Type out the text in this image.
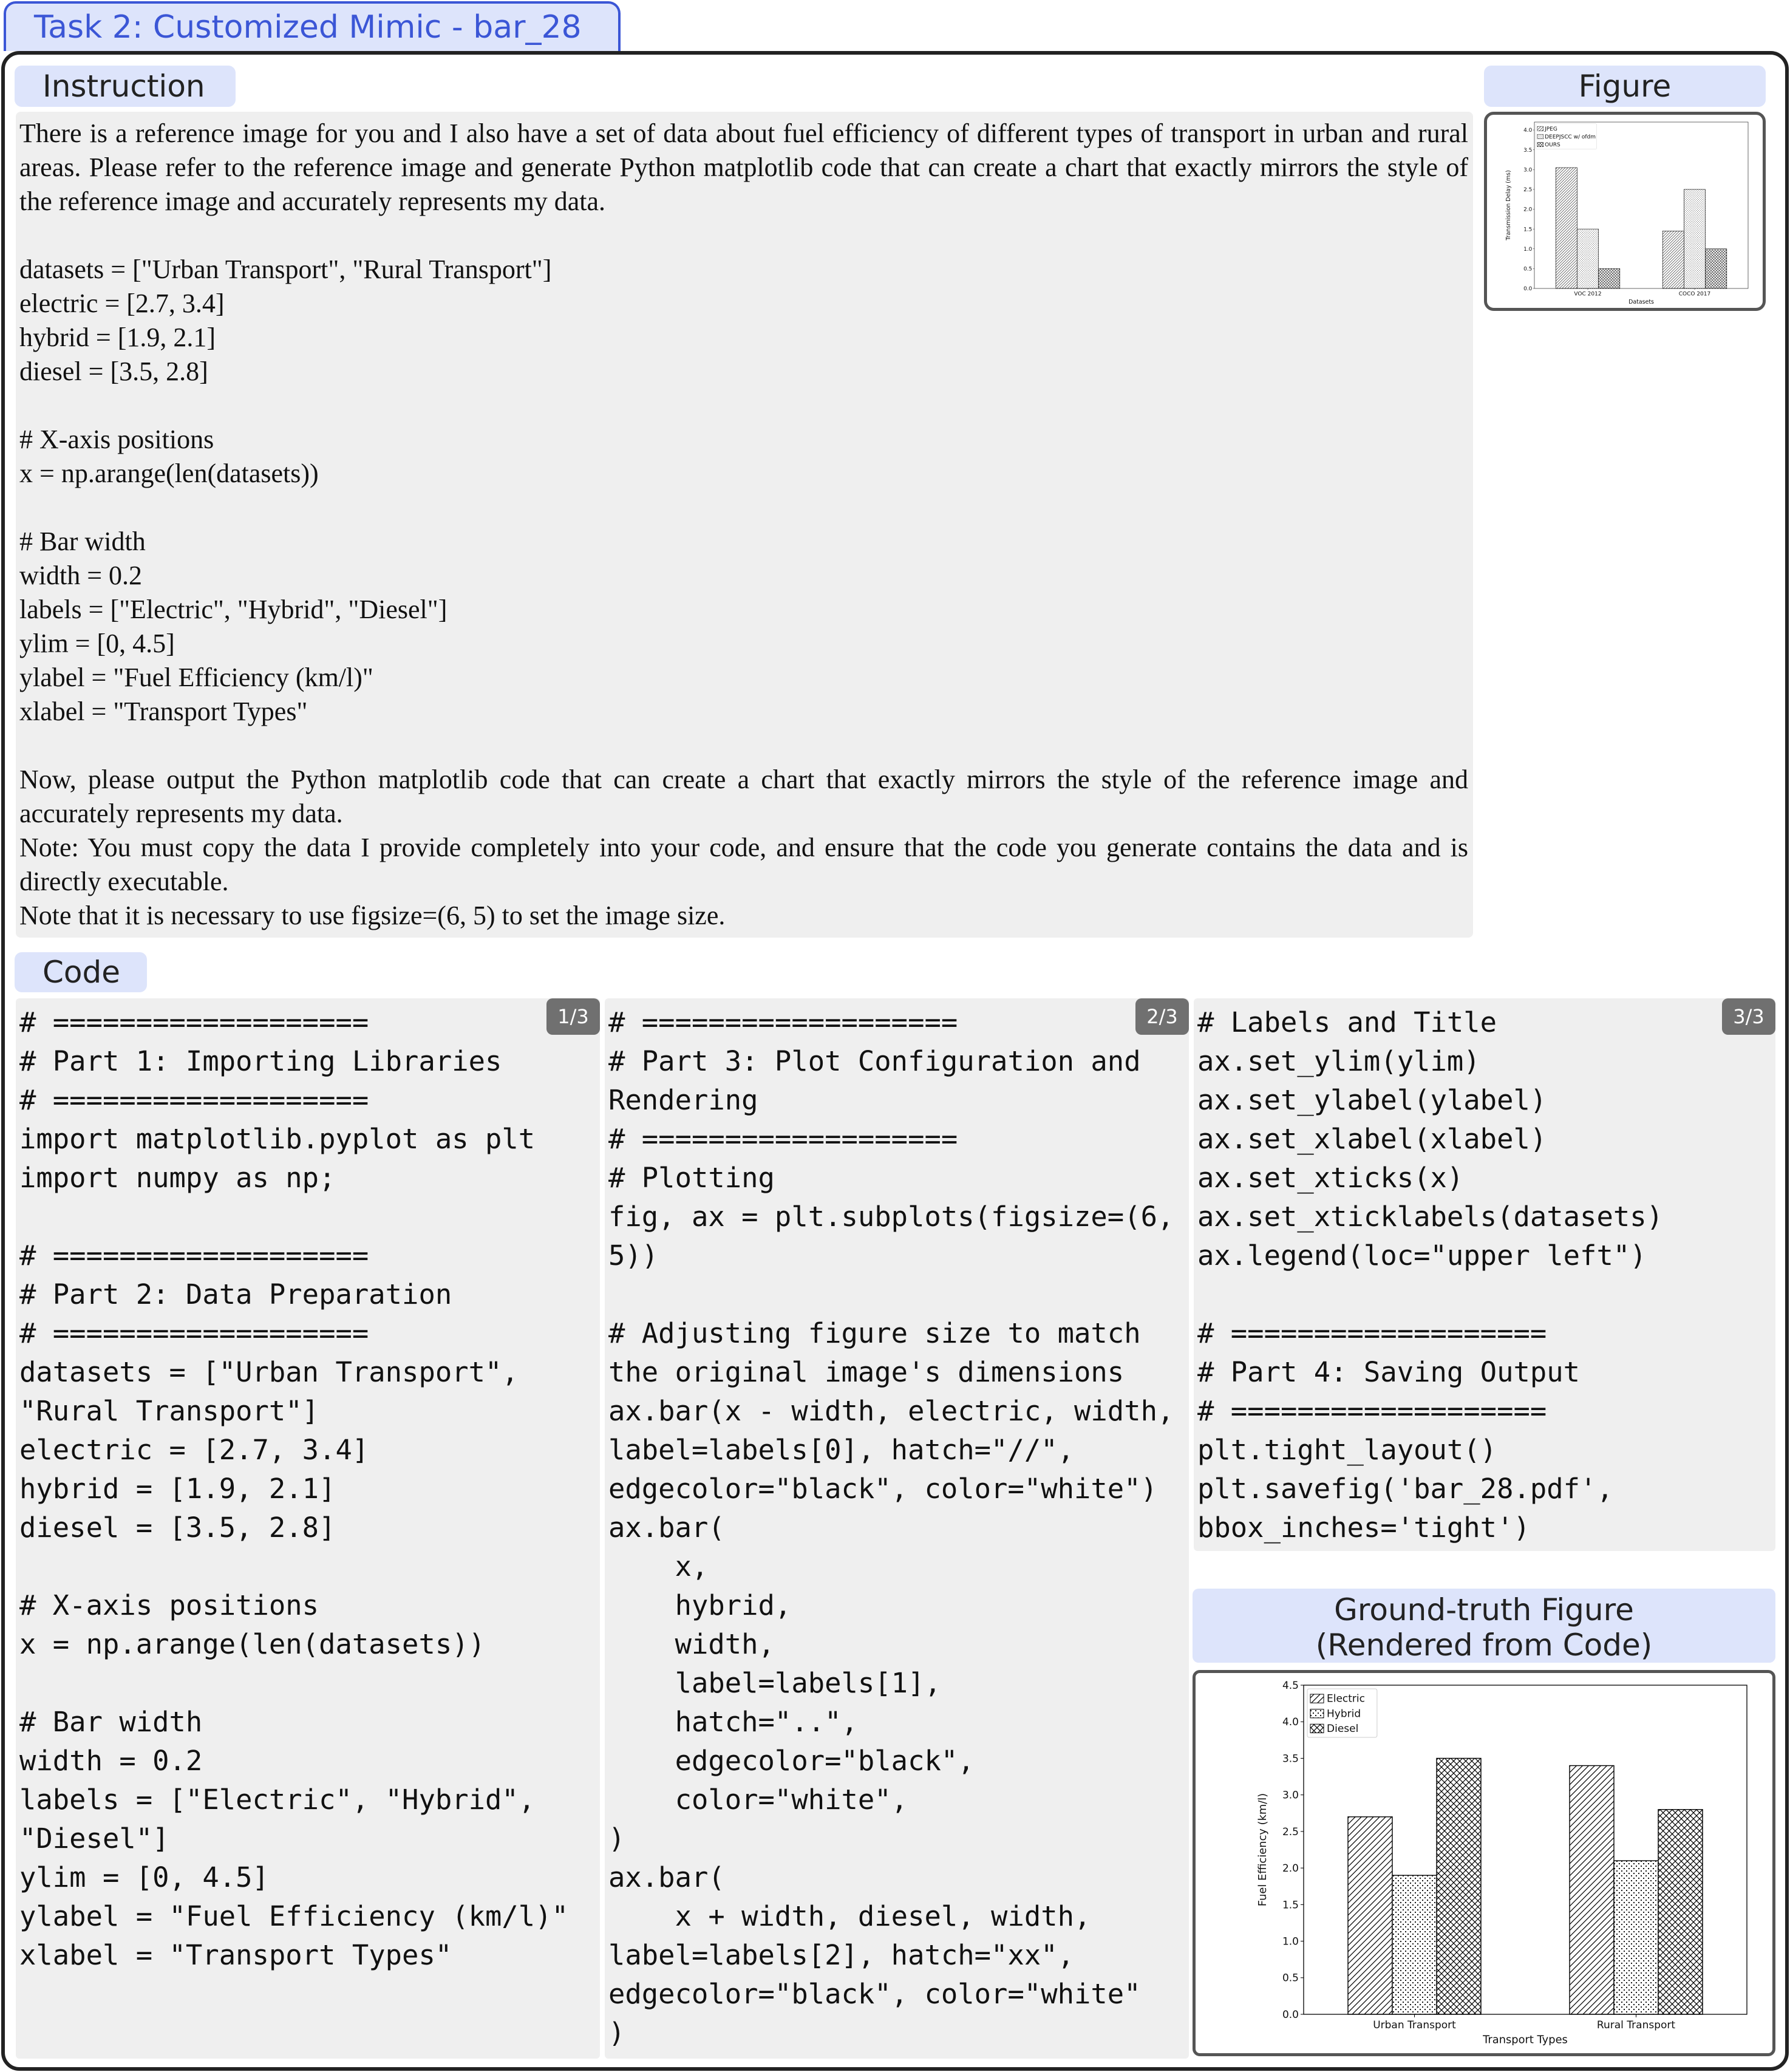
Task 2: Customized Mimic - bar_28
Instruction	Figure

There is a reference image for you and I also have a set of data about fuel efficiency of different types of transport in urban and rural areas. Please refer to the reference image and generate Python matplotlib code that can create a chart that exactly mirrors the style of the reference image and accurately represents my data.

datasets = ["Urban Transport", "Rural Transport"]

electric = [2.7, 3.4]

hybrid = [1.9, 2.1]

diesel = [3.5, 2.8]

# X-axis positions

x = np.arange(len(datasets))

# Bar width

width = 0.2

labels = ["Electric", "Hybrid", "Diesel"]

ylim = [0, 4.5]

ylabel = "Fuel Efficiency (km/l)"

xlabel = "Transport Types"

Now, please output the Python matplotlib code that can create a chart that exactly mirrors the style of the reference image and accurately represents my data.

Note: You must copy the data I provide completely into your code, and ensure that the code you generate contains the data and is directly executable.

Note that it is necessary to use figsize=(6, 5) to set the image size.

0.0
0.5
1.0
1.5
2.0
2.5
3.0
3.5
4.0
VOC 2012	COCO 2017
Datasets
Transmission Delay (ms)
JPEG
DEEPJSCC w/ ofdm
OURS
Code
1/3
# ===================
# Part 1: Importing Libraries
# ===================
import matplotlib.pyplot as plt
import numpy as np;

# ===================
# Part 2: Data Preparation
# ===================
datasets = ["Urban Transport",
"Rural Transport"]
electric = [2.7, 3.4]
hybrid = [1.9, 2.1]
diesel = [3.5, 2.8]

# X-axis positions
x = np.arange(len(datasets))

# Bar width
width = 0.2
labels = ["Electric", "Hybrid",
"Diesel"]
ylim = [0, 4.5]
ylabel = "Fuel Efficiency (km/l)"
xlabel = "Transport Types"
2/3
# ===================
# Part 3: Plot Configuration and
Rendering
# ===================
# Plotting
fig, ax = plt.subplots(figsize=(6,
5))

# Adjusting figure size to match
the original image's dimensions
ax.bar(x - width, electric, width,
label=labels[0], hatch="//",
edgecolor="black", color="white")
ax.bar(
x,
hybrid,
width,
label=labels[1],
hatch="..",
edgecolor="black",
color="white",
)
ax.bar(
x + width, diesel, width,
label=labels[2], hatch="xx",
edgecolor="black", color="white"
)
3/3
# Labels and Title
ax.set_ylim(ylim)
ax.set_ylabel(ylabel)
ax.set_xlabel(xlabel)
ax.set_xticks(x)
ax.set_xticklabels(datasets)
ax.legend(loc="upper left")

# ===================
# Part 4: Saving Output
# ===================
plt.tight_layout()
plt.savefig('bar_28.pdf',
bbox_inches='tight')
Ground-truth Figure
(Rendered from Code)
0.0
0.5
1.0
1.5
2.0
2.5
3.0
3.5
4.0
4.5
Urban Transport	Rural Transport
Transport Types
Fuel Efficiency (km/l)
Electric
Hybrid
Diesel
